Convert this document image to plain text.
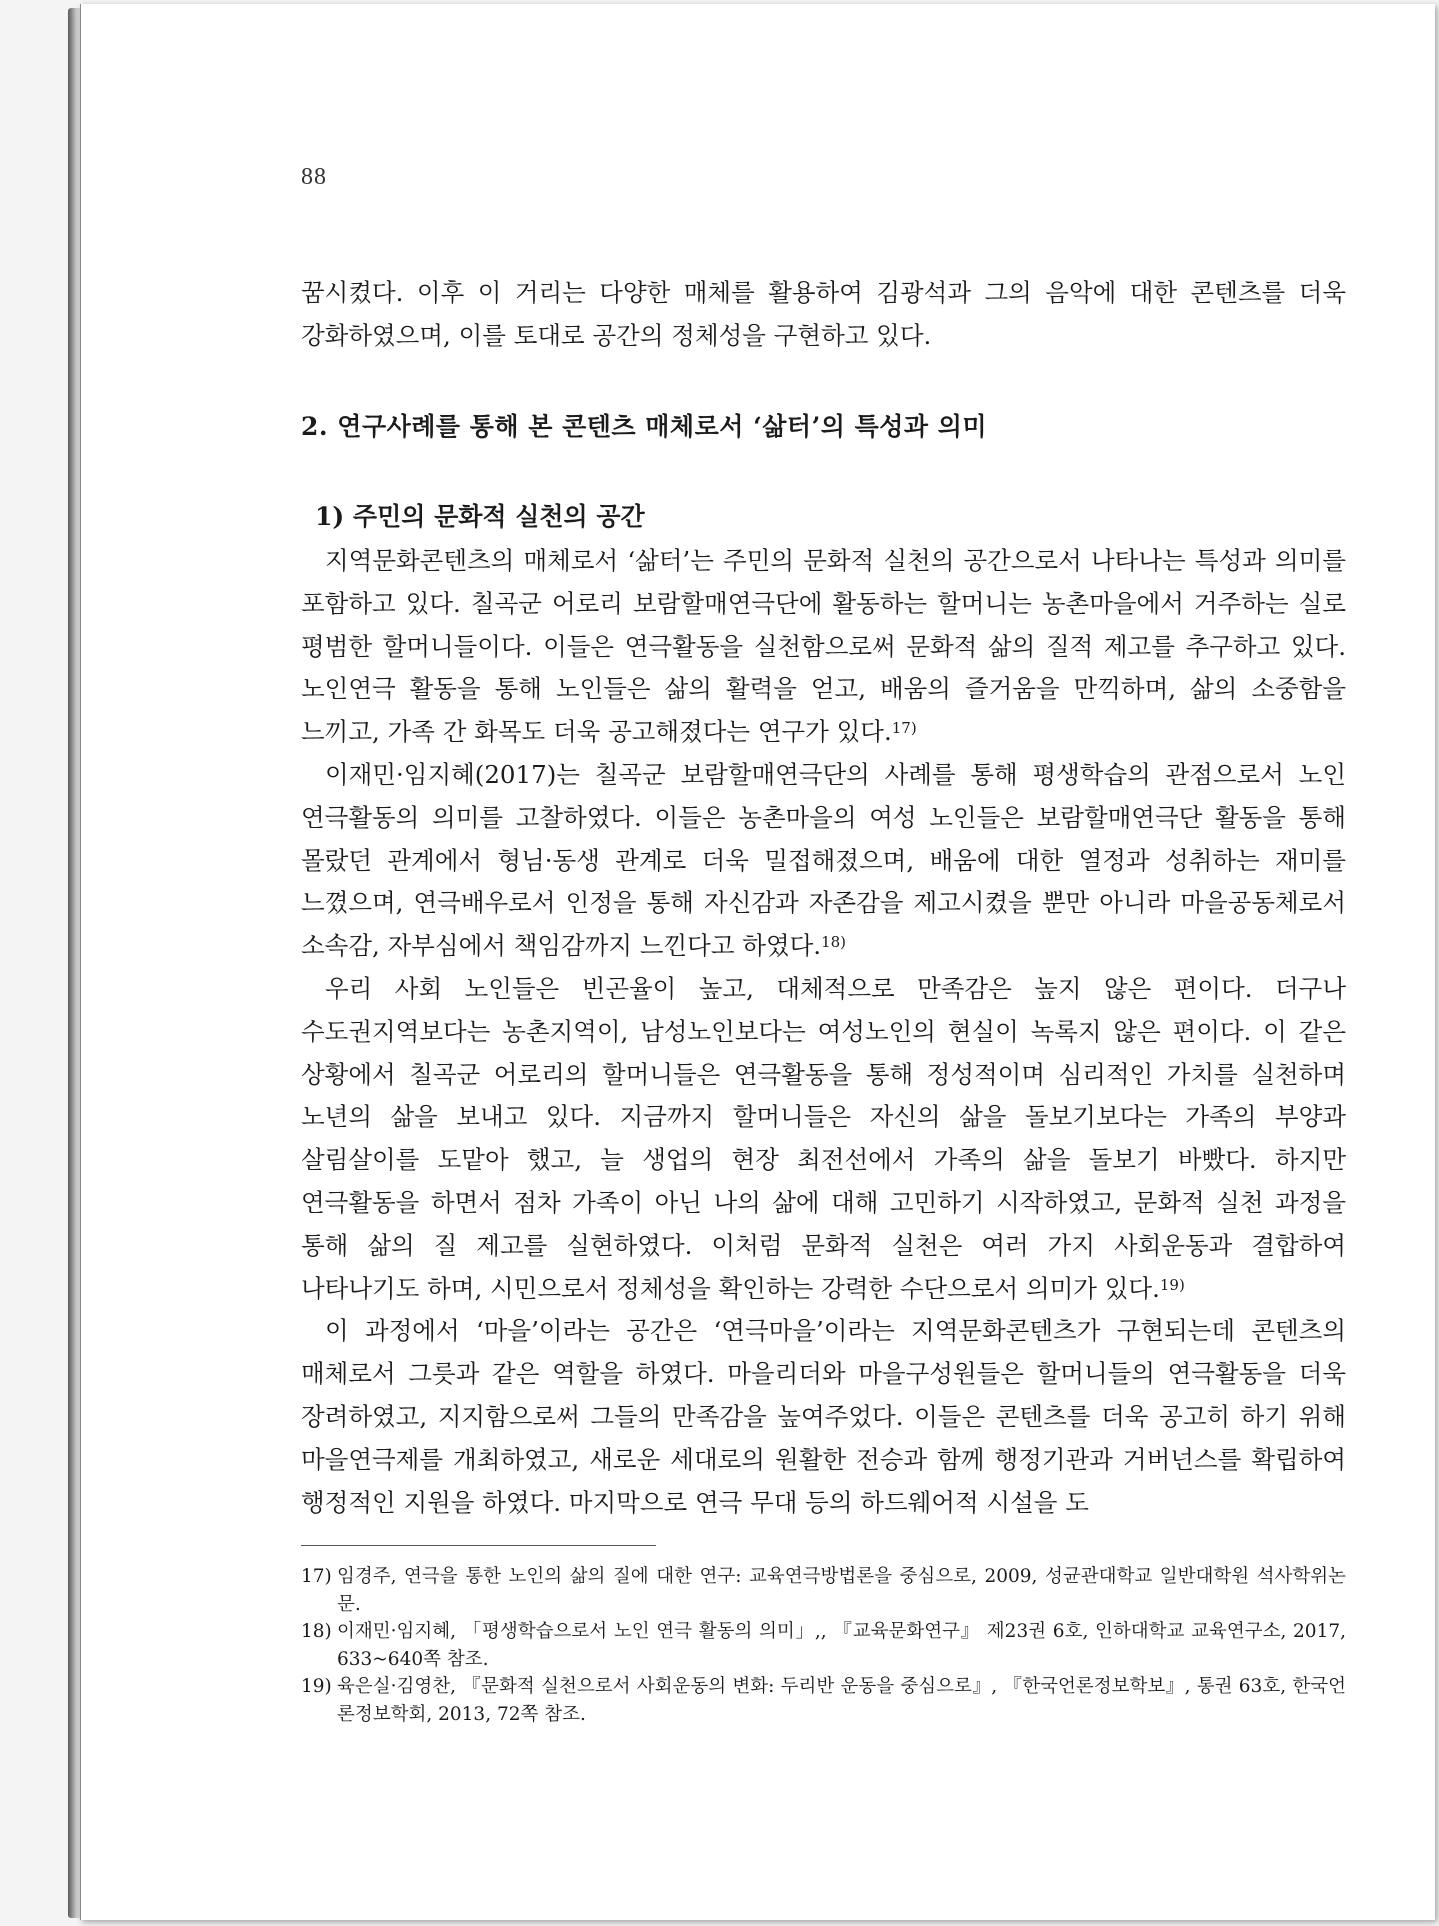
88

꿈시켰다. 이후 이 거리는 다양한 매체를 활용하여 김광석과 그의 음악에 대한 콘텐츠를 더욱 강화하였으며, 이를 토대로 공간의 정체성을 구현하고 있다.

2. 연구사례를 통해 본 콘텐츠 매체로서 ‘삶터’의 특성과 의미
1) 주민의 문화적 실천의 공간

지역문화콘텐츠의 매체로서 ‘삶터’는 주민의 문화적 실천의 공간으로서 나타나는 특성과 의미를 포함하고 있다. 칠곡군 어로리 보람할매연극단에 활동하는 할머니는 농촌마을에서 거주하는 실로 평범한 할머니들이다. 이들은 연극활동을 실천함으로써 문화적 삶의 질적 제고를 추구하고 있다. 노인연극 활동을 통해 노인들은 삶의 활력을 얻고, 배움의 즐거움을 만끽하며, 삶의 소중함을 느끼고, 가족 간 화목도 더욱 공고해졌다는 연구가 있다.$^{17)}$

이재민·임지혜(2017)는 칠곡군 보람할매연극단의 사례를 통해 평생학습의 관점으로서 노인 연극활동의 의미를 고찰하였다. 이들은 농촌마을의 여성 노인들은 보람할매연극단 활동을 통해 몰랐던 관계에서 형님·동생 관계로 더욱 밀접해졌으며, 배움에 대한 열정과 성취하는 재미를 느꼈으며, 연극배우로서 인정을 통해 자신감과 자존감을 제고시켰을 뿐만 아니라 마을공동체로서 소속감, 자부심에서 책임감까지 느낀다고 하였다.$^{18)}$

우리 사회 노인들은 빈곤율이 높고, 대체적으로 만족감은 높지 않은 편이다. 더구나 수도권지역보다는 농촌지역이, 남성노인보다는 여성노인의 현실이 녹록지 않은 편이다. 이 같은 상황에서 칠곡군 어로리의 할머니들은 연극활동을 통해 정성적이며 심리적인 가치를 실천하며 노년의 삶을 보내고 있다. 지금까지 할머니들은 자신의 삶을 돌보기보다는 가족의 부양과 살림살이를 도맡아 했고, 늘 생업의 현장 최전선에서 가족의 삶을 돌보기 바빴다. 하지만 연극활동을 하면서 점차 가족이 아닌 나의 삶에 대해 고민하기 시작하였고, 문화적 실천 과정을 통해 삶의 질 제고를 실현하였다. 이처럼 문화적 실천은 여러 가지 사회운동과 결합하여 나타나기도 하며, 시민으로서 정체성을 확인하는 강력한 수단으로서 의미가 있다.$^{19)}$

이 과정에서 ‘마을’이라는 공간은 ‘연극마을’이라는 지역문화콘텐츠가 구현되는데 콘텐츠의 매체로서 그릇과 같은 역할을 하였다. 마을리더와 마을구성원들은 할머니들의 연극활동을 더욱 장려하였고, 지지함으로써 그들의 만족감을 높여주었다. 이들은 콘텐츠를 더욱 공고히 하기 위해 마을연극제를 개최하였고, 새로운 세대로의 원활한 전승과 함께 행정기관과 거버넌스를 확립하여 행정적인 지원을 하였다. 마지막으로 연극 무대 등의 하드웨어적 시설을 도

17) 임경주, 연극을 통한 노인의 삶의 질에 대한 연구: 교육연극방법론을 중심으로, 2009, 성균관대학교 일반대학원 석사학위논문.
18) 이재민·임지혜, 「평생학습으로서 노인 연극 활동의 의미」,, 『교육문화연구』 제23권 6호, 인하대학교 교육연구소, 2017, 633~640쪽 참조.
19) 육은실·김영찬, 『문화적 실천으로서 사회운동의 변화: 두리반 운동을 중심으로』, 『한국언론정보학보』, 통권 63호, 한국언론정보학회, 2013, 72쪽 참조.
